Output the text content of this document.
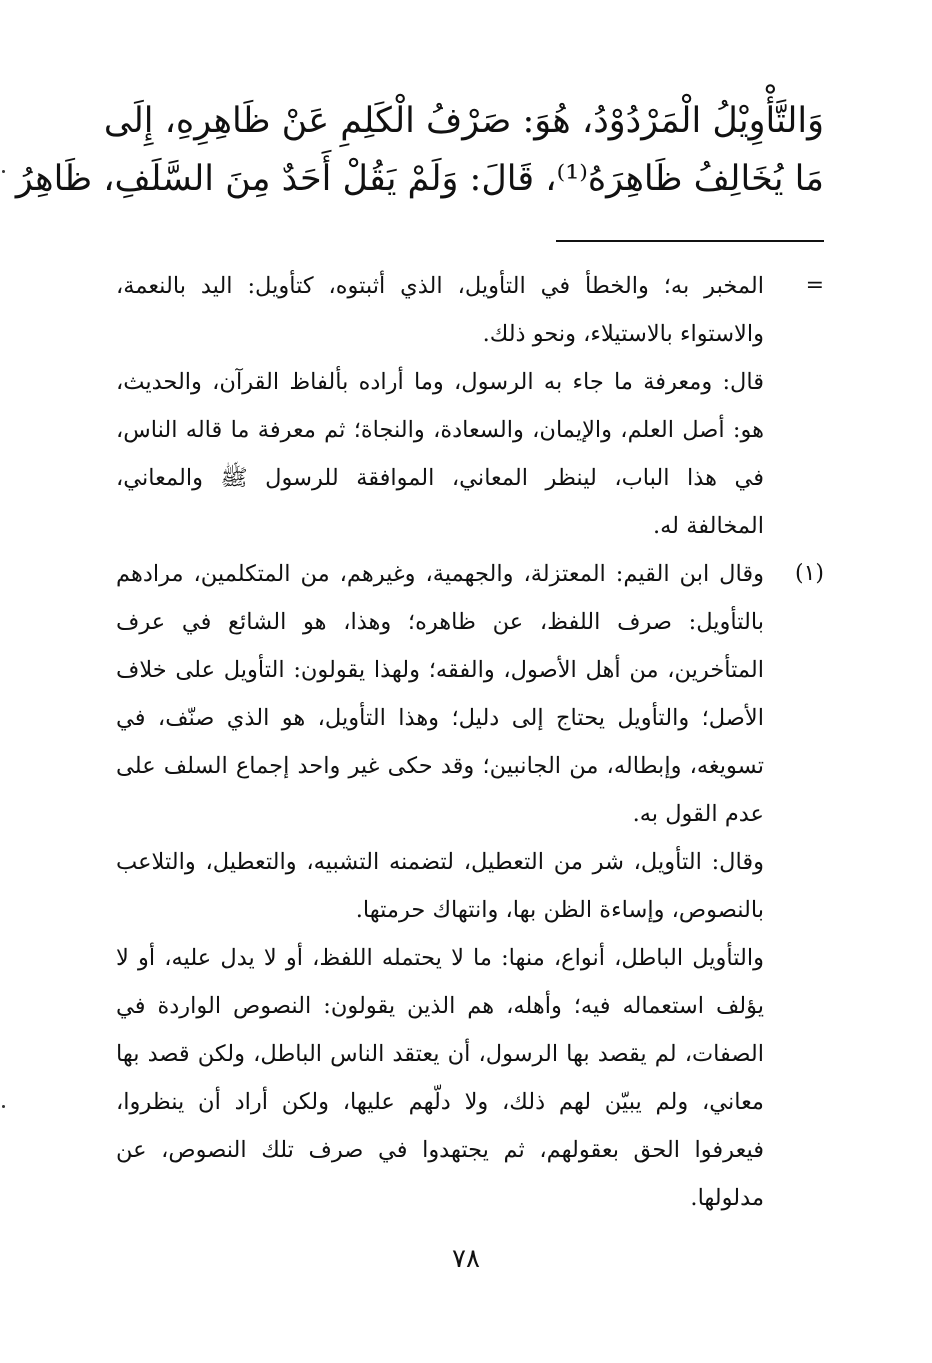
وَالتَّأْوِيْلُ الْمَرْدُوْدُ، هُوَ: صَرْفُ الْكَلِمِ عَنْ ظَاهِرِهِ، إِلَى
مَا يُخَالِفُ ظَاهِرَهُ⁽¹⁾، قَالَ: وَلَمْ يَقُلْ أَحَدٌ مِنَ السَّلَفِ، ظَاهِرُ
=

المخبر به؛ والخطأ في التأويل، الذي أثبتوه، كتأويل: اليد بالنعمة، والاستواء بالاستيلاء، ونحو ذلك.

قال: ومعرفة ما جاء به الرسول، وما أراده بألفاظ القرآن، والحديث، هو: أصل العلم، والإيمان، والسعادة، والنجاة؛ ثم معرفة ما قاله الناس، في هذا الباب، لينظر المعاني، الموافقة للرسول ﷺ والمعاني، المخالفة له.

(١)

وقال ابن القيم: المعتزلة، والجهمية، وغيرهم، من المتكلمين، مرادهم بالتأويل: صرف اللفظ، عن ظاهره؛ وهذا، هو الشائع في عرف المتأخرين، من أهل الأصول، والفقه؛ ولهذا يقولون: التأويل على خلاف الأصل؛ والتأويل يحتاج إلى دليل؛ وهذا التأويل، هو الذي صنّف، في تسويغه، وإبطاله، من الجانبين؛ وقد حكى غير واحد إجماع السلف على عدم القول به.

وقال: التأويل، شر من التعطيل، لتضمنه التشبيه، والتعطيل، والتلاعب بالنصوص، وإساءة الظن بها، وانتهاك حرمتها.

والتأويل الباطل، أنواع، منها: ما لا يحتمله اللفظ، أو لا يدل عليه، أو لا يؤلف استعماله فيه؛ وأهله، هم الذين يقولون: النصوص الواردة في الصفات، لم يقصد بها الرسول، أن يعتقد الناس الباطل، ولكن قصد بها معاني، ولم يبيّن لهم ذلك، ولا دلّهم عليها، ولكن أراد أن ينظروا، فيعرفوا الحق بعقولهم، ثم يجتهدوا في صرف تلك النصوص، عن مدلولها.

٧٨
